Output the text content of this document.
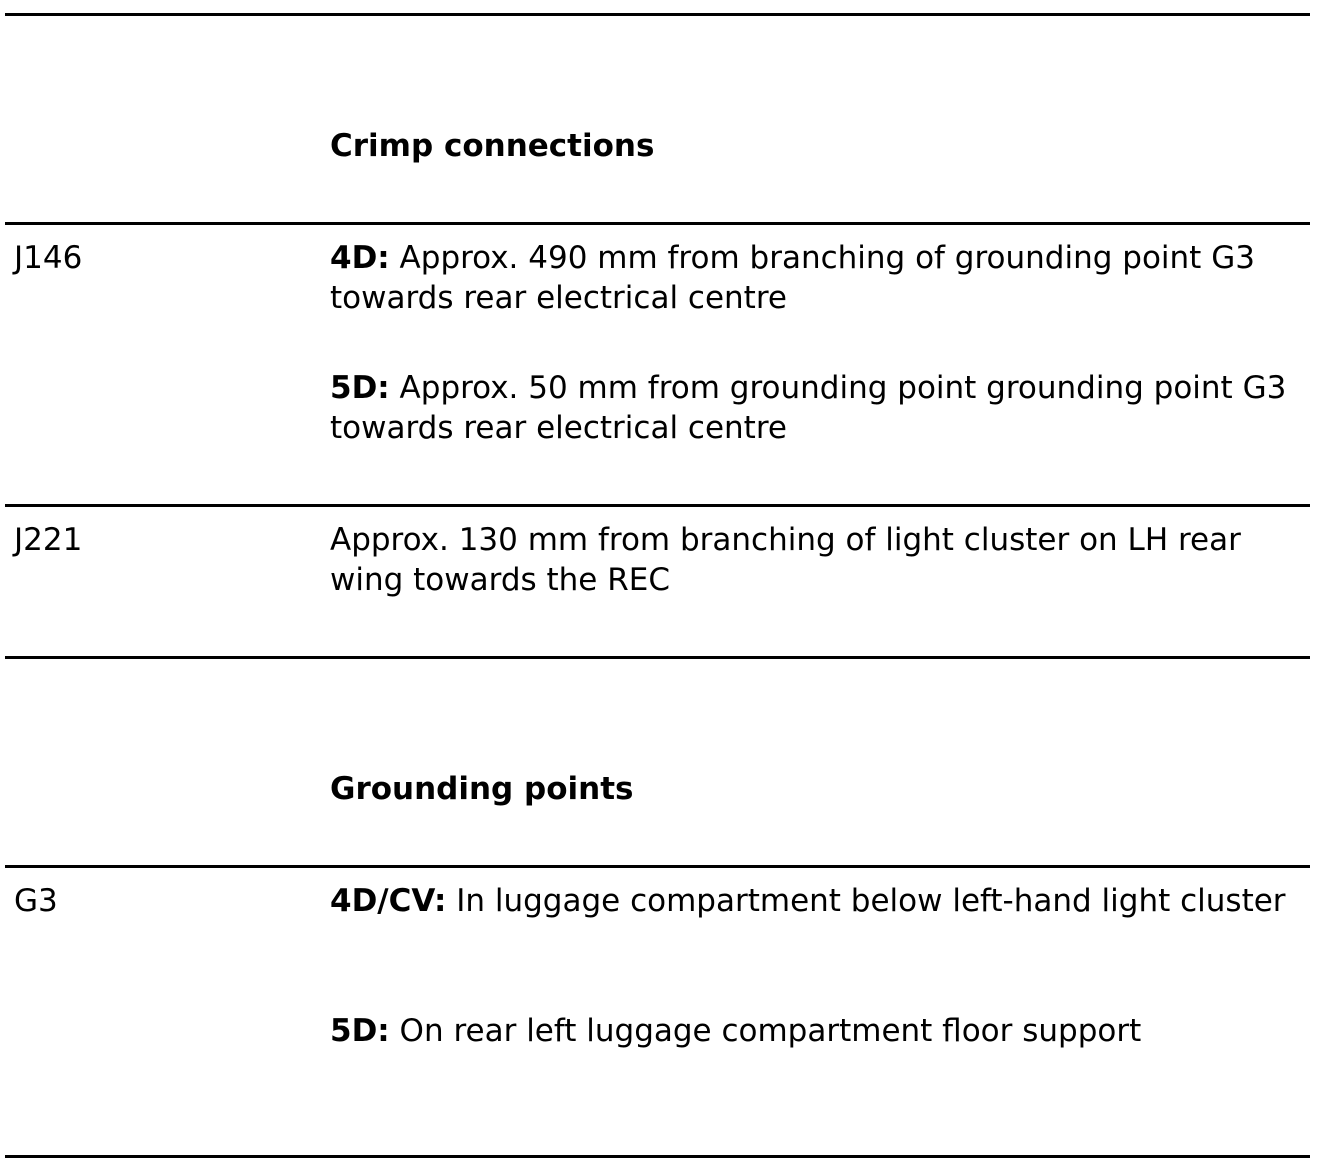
Crimp connections
J146	4D: Approx. 490 mm from branching of grounding point G3 towards rear electrical centre
5D: Approx. 50 mm from grounding point grounding point G3 towards rear electrical centre
J221	Approx. 130 mm from branching of light cluster on LH rear wing towards the REC
Grounding points
G3	4D/CV: In luggage compartment below left-hand light cluster
5D: On rear left luggage compartment floor support
